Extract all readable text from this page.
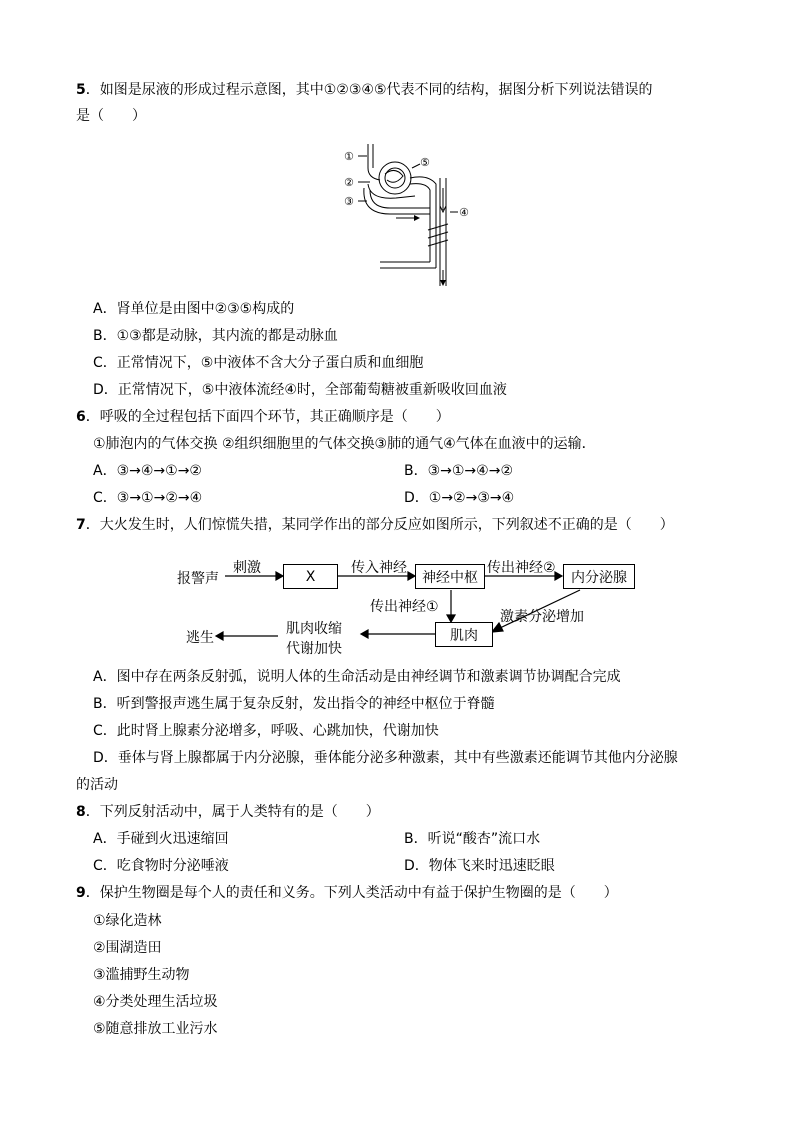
5．如图是尿液的形成过程示意图，其中①②③④⑤代表不同的结构，据图分析下列说法错误的
是（　　）
①
②
③
④
⑤
A．肾单位是由图中②③⑤构成的
B．①③都是动脉，其内流的都是动脉血
C．正常情况下，⑤中液体不含大分子蛋白质和血细胞
D．正常情况下，⑤中液体流经④时，全部葡萄糖被重新吸收回血液
6．呼吸的全过程包括下面四个环节，其正确顺序是（　　）
①肺泡内的气体交换 ②组织细胞里的气体交换③肺的通气④气体在血液中的运输．
A．③→④→①→②	B．③→①→④→②
C．③→①→②→④	D．①→②→③→④
7．大火发生时，人们惊慌失措，某同学作出的部分反应如图所示，下列叙述不正确的是（　　）
报警声
刺激
X
传入神经
神经中枢
传出神经②
内分泌腺
传出神经①
激素分泌增加
肌肉
肌肉收缩
代谢加快
逃生
A．图中存在两条反射弧，说明人体的生命活动是由神经调节和激素调节协调配合完成
B．听到警报声逃生属于复杂反射，发出指令的神经中枢位于脊髓
C．此时肾上腺素分泌增多，呼吸、心跳加快，代谢加快
D．垂体与肾上腺都属于内分泌腺，垂体能分泌多种激素，其中有些激素还能调节其他内分泌腺
的活动
8．下列反射活动中，属于人类特有的是（　　）
A．手碰到火迅速缩回	B．听说“酸杏”流口水
C．吃食物时分泌唾液	D．物体飞来时迅速眨眼
9．保护生物圈是每个人的责任和义务。下列人类活动中有益于保护生物圈的是（　　）
①绿化造林
②围湖造田
③滥捕野生动物
④分类处理生活垃圾
⑤随意排放工业污水
